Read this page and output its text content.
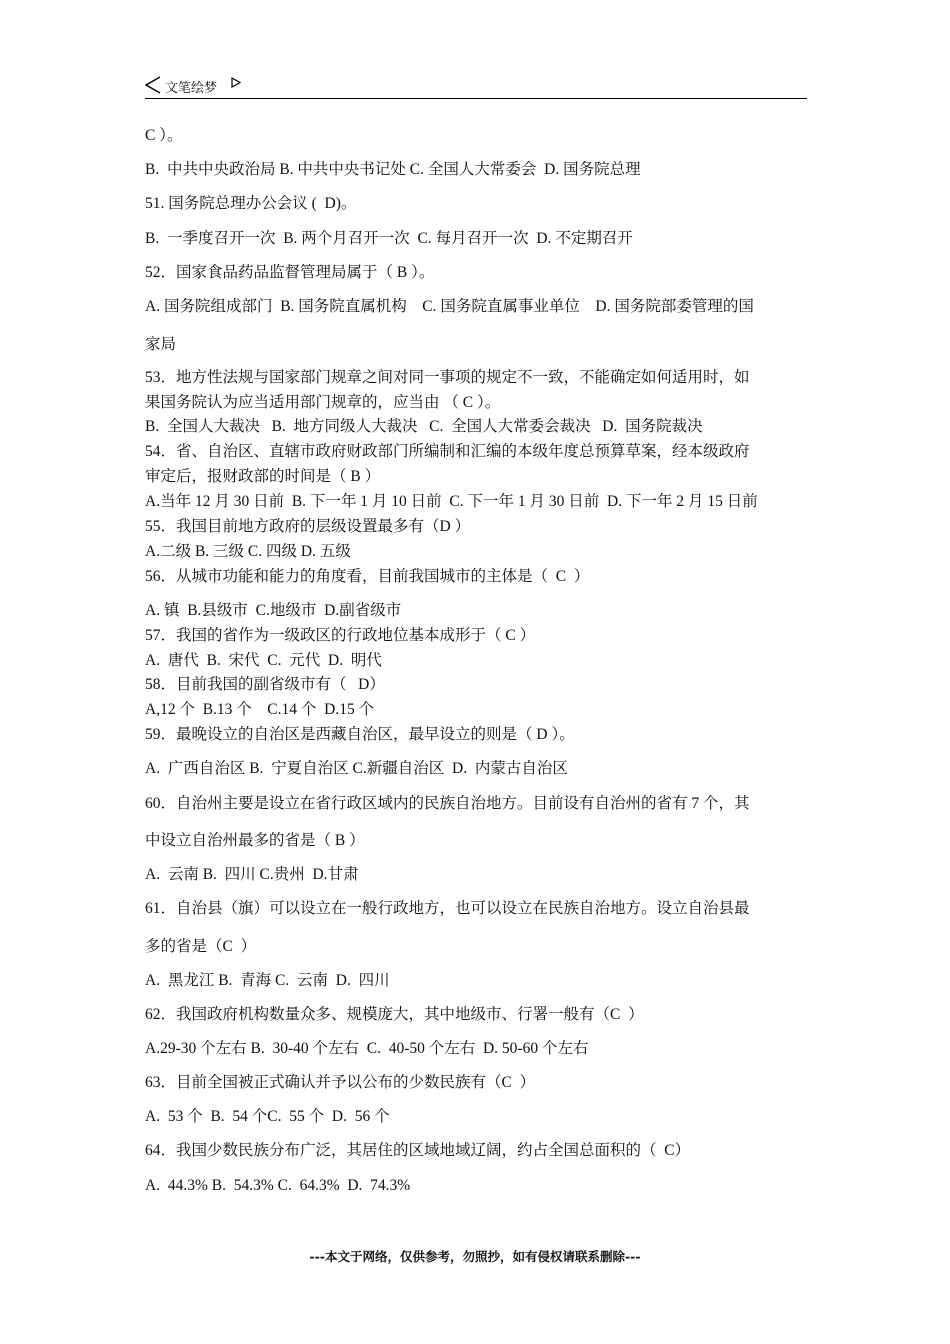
文笔绘梦
C ）。
B.  中共中央政治局 B. 中共中央书记处 C. 全国人大常委会  D. 国务院总理
51. 国务院总理办公会议 (  D)。
B.  一季度召开一次  B. 两个月召开一次  C. 每月召开一次  D. 不定期召开
52．国家食品药品监督管理局属于（ B ）。
A. 国务院组成部门  B. 国务院直属机构    C. 国务院直属事业单位    D. 国务院部委管理的国
家局
53．地方性法规与国家部门规章之间对同一事项的规定不一致，不能确定如何适用时，如
果国务院认为应当适用部门规章的，应当由 （ C ）。
B.  全国人大裁决   B.  地方同级人大裁决   C.  全国人大常委会裁决   D.  国务院裁决
54．省、自治区、直辖市政府财政部门所编制和汇编的本级年度总预算草案，经本级政府
审定后，报财政部的时间是（ B ）
A.当年 12 月 30 日前  B. 下一年 1 月 10 日前  C. 下一年 1 月 30 日前  D. 下一年 2 月 15 日前
55．我国目前地方政府的层级设置最多有（D ）
A.二级 B. 三级 C. 四级 D. 五级
56．从城市功能和能力的角度看，目前我国城市的主体是（  C  ）
A. 镇  B.县级市  C.地级市  D.副省级市
57．我国的省作为一级政区的行政地位基本成形于（ C ）
A.  唐代  B.  宋代  C.  元代  D.  明代
58．目前我国的副省级市有（   D）
A,12 个  B.13 个    C.14 个  D.15 个
59．最晚设立的自治区是西藏自治区，最早设立的则是（ D ）。
A.  广西自治区 B.  宁夏自治区 C.新疆自治区  D.  内蒙古自治区
60．自治州主要是设立在省行政区域内的民族自治地方。目前设有自治州的省有 7 个，其
中设立自治州最多的省是（ B ）
A.  云南 B.  四川 C.贵州  D.甘肃
61．自治县（旗）可以设立在一般行政地方，也可以设立在民族自治地方。设立自治县最
多的省是（C  ）
A.  黑龙江 B.  青海 C.  云南  D.  四川
62．我国政府机构数量众多、规模庞大，其中地级市、行署一般有（C  ）
A.29-30 个左右 B.  30-40 个左右  C.  40-50 个左右  D. 50-60 个左右
63．目前全国被正式确认并予以公布的少数民族有（C  ）
A.  53 个  B.  54 个C.  55 个  D.  56 个
64．我国少数民族分布广泛，其居住的区域地域辽阔，约占全国总面积的（  C）
A.  44.3% B.  54.3% C.  64.3%  D.  74.3%
---本文于网络，仅供参考，勿照抄，如有侵权请联系删除---
